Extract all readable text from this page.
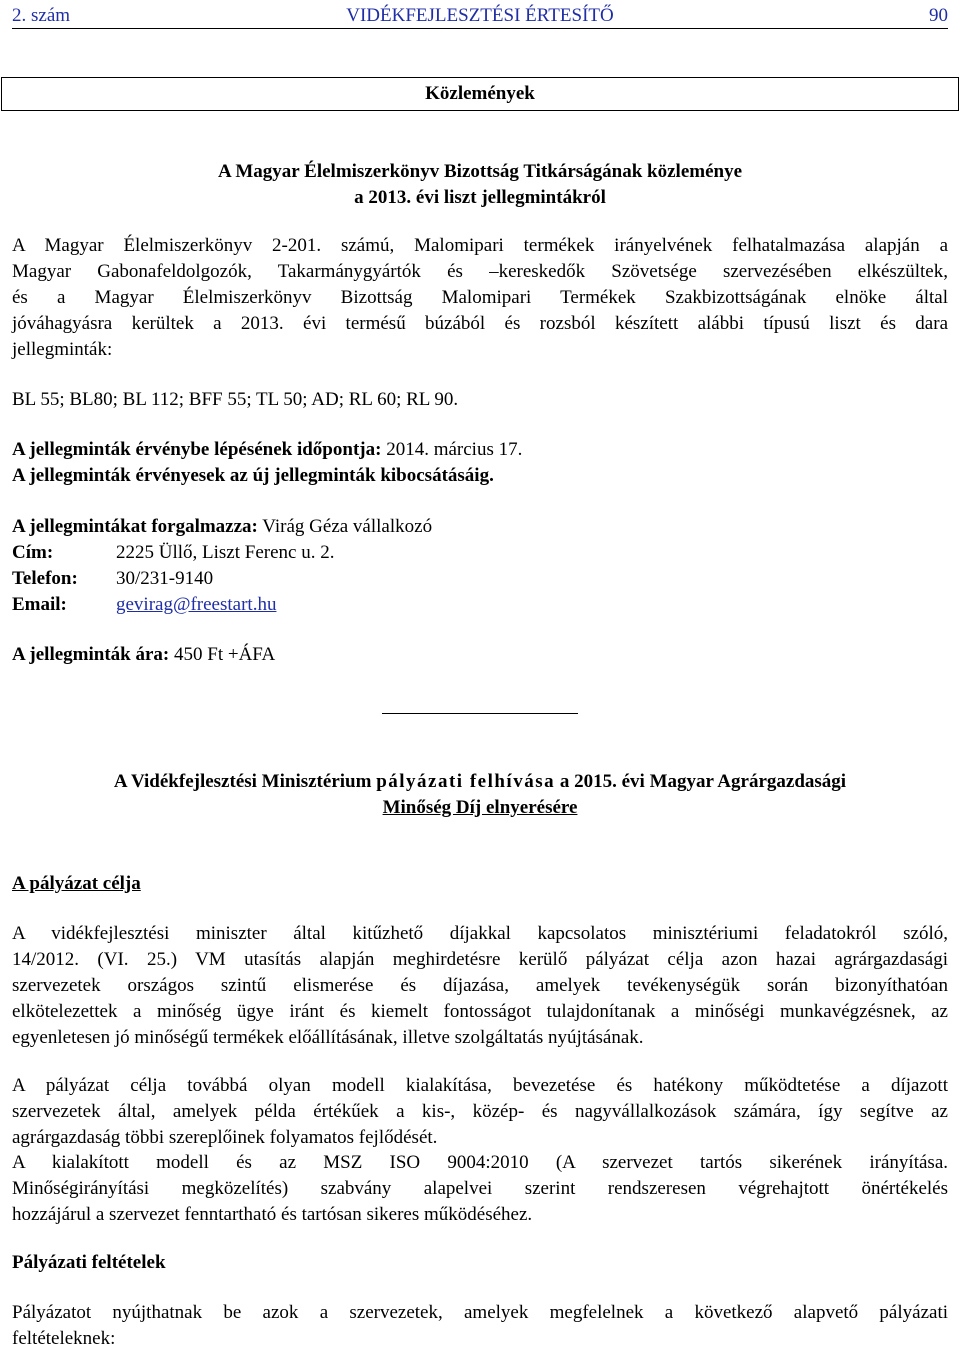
2. szám	VIDÉKFEJLESZTÉSI ÉRTESÍTŐ	90
Közlemények
A Magyar Élelmiszerkönyv Bizottság Titkárságának közleménye
a 2013. évi liszt jellegmintákról
A Magyar Élelmiszerkönyv 2-201. számú, Malomipari termékek irányelvének felhatalmazása alapján a
Magyar Gabonafeldolgozók, Takarmánygyártók és –kereskedők Szövetsége szervezésében elkészültek,
és a Magyar Élelmiszerkönyv Bizottság Malomipari Termékek Szakbizottságának elnöke által
jóváhagyásra kerültek a 2013. évi termésű búzából és rozsból készített alábbi típusú liszt és dara
jellegminták:
BL 55; BL80; BL 112; BFF 55; TL 50; AD; RL 60; RL 90.
A jellegminták érvénybe lépésének időpontja: 2014. március 17.
A jellegminták érvényesek az új jellegminták kibocsátásáig.
A jellegmintákat forgalmazza: Virág Géza vállalkozó
Cím:	2225 Üllő, Liszt Ferenc u. 2.
Telefon: 30/231-9140
Email:	gevirag@freestart.hu
A jellegminták ára: 450 Ft +ÁFA
A Vidékfejlesztési Minisztérium pályázati felhívása a 2015. évi Magyar Agrárgazdasági
Minőség Díj elnyerésére
A pályázat célja
A vidékfejlesztési miniszter által kitűzhető díjakkal kapcsolatos minisztériumi feladatokról szóló,
14/2012. (VI. 25.) VM utasítás alapján meghirdetésre kerülő pályázat célja azon hazai agrárgazdasági
szervezetek országos szintű elismerése és díjazása, amelyek tevékenységük során bizonyíthatóan
elkötelezettek a minőség ügye iránt és kiemelt fontosságot tulajdonítanak a minőségi munkavégzésnek, az
egyenletesen jó minőségű termékek előállításának, illetve szolgáltatás nyújtásának.
A pályázat célja továbbá olyan modell kialakítása, bevezetése és hatékony működtetése a díjazott
szervezetek által, amelyek példa értékűek a kis-, közép- és nagyvállalkozások számára, így segítve az
agrárgazdaság többi szereplőinek folyamatos fejlődését.
A kialakított modell és az MSZ ISO 9004:2010 (A szervezet tartós sikerének irányítása.
Minőségirányítási megközelítés) szabvány alapelvei szerint rendszeresen végrehajtott önértékelés
hozzájárul a szervezet fenntartható és tartósan sikeres működéséhez.
Pályázati feltételek
Pályázatot nyújthatnak be azok a szervezetek, amelyek megfelelnek a következő alapvető pályázati
feltételeknek:
